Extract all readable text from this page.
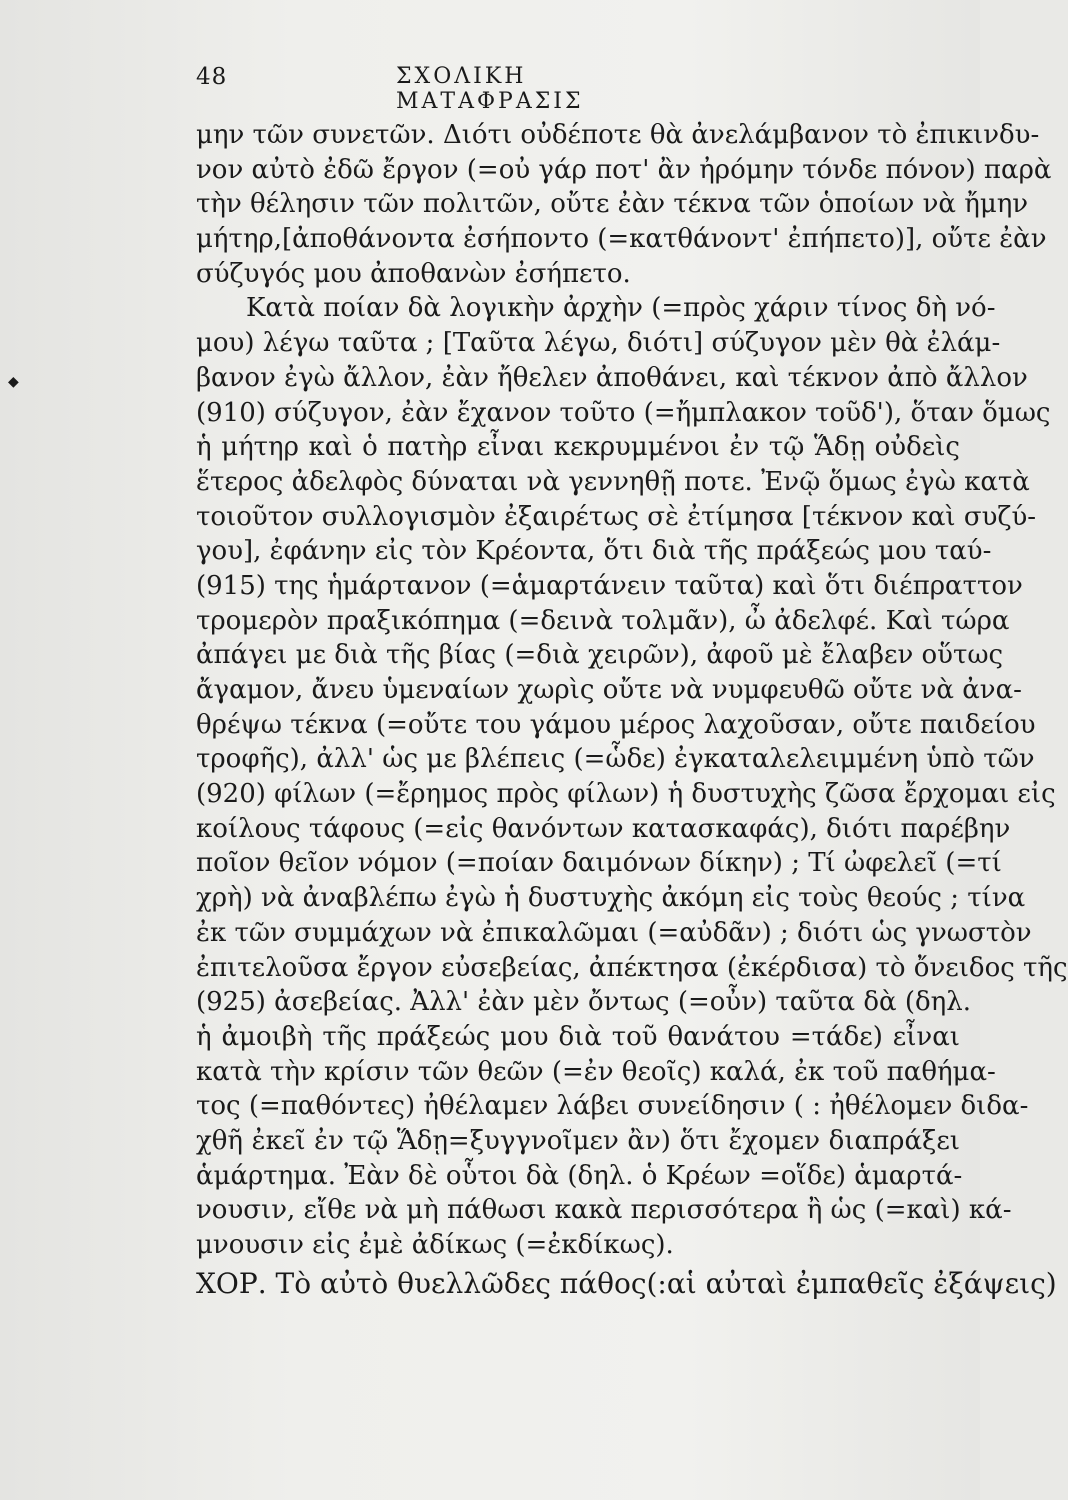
48	ΣΧΟΛΙΚΗ ΜΑΤΑΦΡΑΣΙΣ
◆
μην τῶν συνετῶν. Διότι οὐδέποτε θὰ ἀνελάμβανον τὸ ἐπικινδυ-
νον αὐτὸ ἐδῶ ἔργον (=οὐ γάρ ποτ' ἂν ἠρόμην τόνδε πόνον) παρὰ
τὴν θέλησιν τῶν πολιτῶν, οὔτε ἐὰν τέκνα τῶν ὁποίων νὰ ἤμην
μήτηρ,[ἀποθάνοντα ἐσήποντο (=κατθάνοντ' ἐπήπετο)], οὔτε ἐὰν
σύζυγός μου ἀποθανὼν ἐσήπετο.
Κατὰ ποίαν δὰ λογικὴν ἀρχὴν (=πρὸς χάριν τίνος δὴ νό-
μου) λέγω ταῦτα ; [Ταῦτα λέγω, διότι] σύζυγον μὲν θὰ ἐλάμ-
βανον ἐγὼ ἄλλον, ἐὰν ἤθελεν ἀποθάνει, καὶ τέκνον ἀπὸ ἄλλον
(910) σύζυγον, ἐὰν ἔχανον τοῦτο (=ἤμπλακον τοῦδ'), ὅταν ὅμως
ἡ μήτηρ καὶ ὁ πατὴρ εἶναι κεκρυμμένοι ἐν τῷ Ἅδῃ οὐδεὶς
ἕτερος ἀδελφὸς δύναται νὰ γεννηθῇ ποτε. Ἐνῷ ὅμως ἐγὼ κατὰ
τοιοῦτον συλλογισμὸν ἐξαιρέτως σὲ ἐτίμησα [τέκνον καὶ συζύ-
γου], ἐφάνην εἰς τὸν Κρέοντα, ὅτι διὰ τῆς πράξεώς μου ταύ-
(915) της ἡμάρτανον (=ἁμαρτάνειν ταῦτα) καὶ ὅτι διέπραττον
τρομερὸν πραξικόπημα (=δεινὰ τολμᾶν), ὦ ἀδελφέ. Καὶ τώρα
ἀπάγει με διὰ τῆς βίας (=διὰ χειρῶν), ἀφοῦ μὲ ἔλαβεν οὕτως
ἄγαμον, ἄνευ ὑμεναίων χωρὶς οὔτε νὰ νυμφευθῶ οὔτε νὰ ἀνα-
θρέψω τέκνα (=οὔτε του γάμου μέρος λαχοῦσαν, οὔτε παιδείου
τροφῆς), ἀλλ' ὡς με βλέπεις (=ὧδε) ἐγκαταλελειμμένη ὑπὸ τῶν
(920) φίλων (=ἔρημος πρὸς φίλων) ἡ δυστυχὴς ζῶσα ἔρχομαι εἰς
κοίλους τάφους (=εἰς θανόντων κατασκαφάς), διότι παρέβην
ποῖον θεῖον νόμον (=ποίαν δαιμόνων δίκην) ; Τί ὠφελεῖ (=τί
χρὴ) νὰ ἀναβλέπω ἐγὼ ἡ δυστυχὴς ἀκόμη εἰς τοὺς θεούς ; τίνα
ἐκ τῶν συμμάχων νὰ ἐπικαλῶμαι (=αὐδᾶν) ; διότι ὡς γνωστὸν
ἐπιτελοῦσα ἔργον εὐσεβείας, ἀπέκτησα (ἐκέρδισα) τὸ ὄνειδος τῆς
(925) ἀσεβείας. Ἀλλ' ἐὰν μὲν ὄντως (=οὖν) ταῦτα δὰ (δηλ.
ἡ ἀμοιβὴ τῆς πράξεώς μου διὰ τοῦ θανάτου =τάδε) εἶναι
κατὰ τὴν κρίσιν τῶν θεῶν (=ἐν θεοῖς) καλά, ἐκ τοῦ παθήμα-
τος (=παθόντες) ἠθέλαμεν λάβει συνείδησιν ( : ἠθέλομεν διδα-
χθῆ ἐκεῖ ἐν τῷ Ἅδῃ=ξυγγνοῖμεν ἂν) ὅτι ἔχομεν διαπράξει
ἁμάρτημα. Ἐὰν δὲ οὗτοι δὰ (δηλ. ὁ Κρέων =οἵδε) ἁμαρτά-
νουσιν, εἴθε νὰ μὴ πάθωσι κακὰ περισσότερα ἢ ὡς (=καὶ) κά-
μνουσιν εἰς ἐμὲ ἀδίκως (=ἐκδίκως).
ΧΟΡ. Τὸ αὐτὸ θυελλῶδες πάθος(:αἱ αὐταὶ ἐμπαθεῖς ἐξάψεις)
